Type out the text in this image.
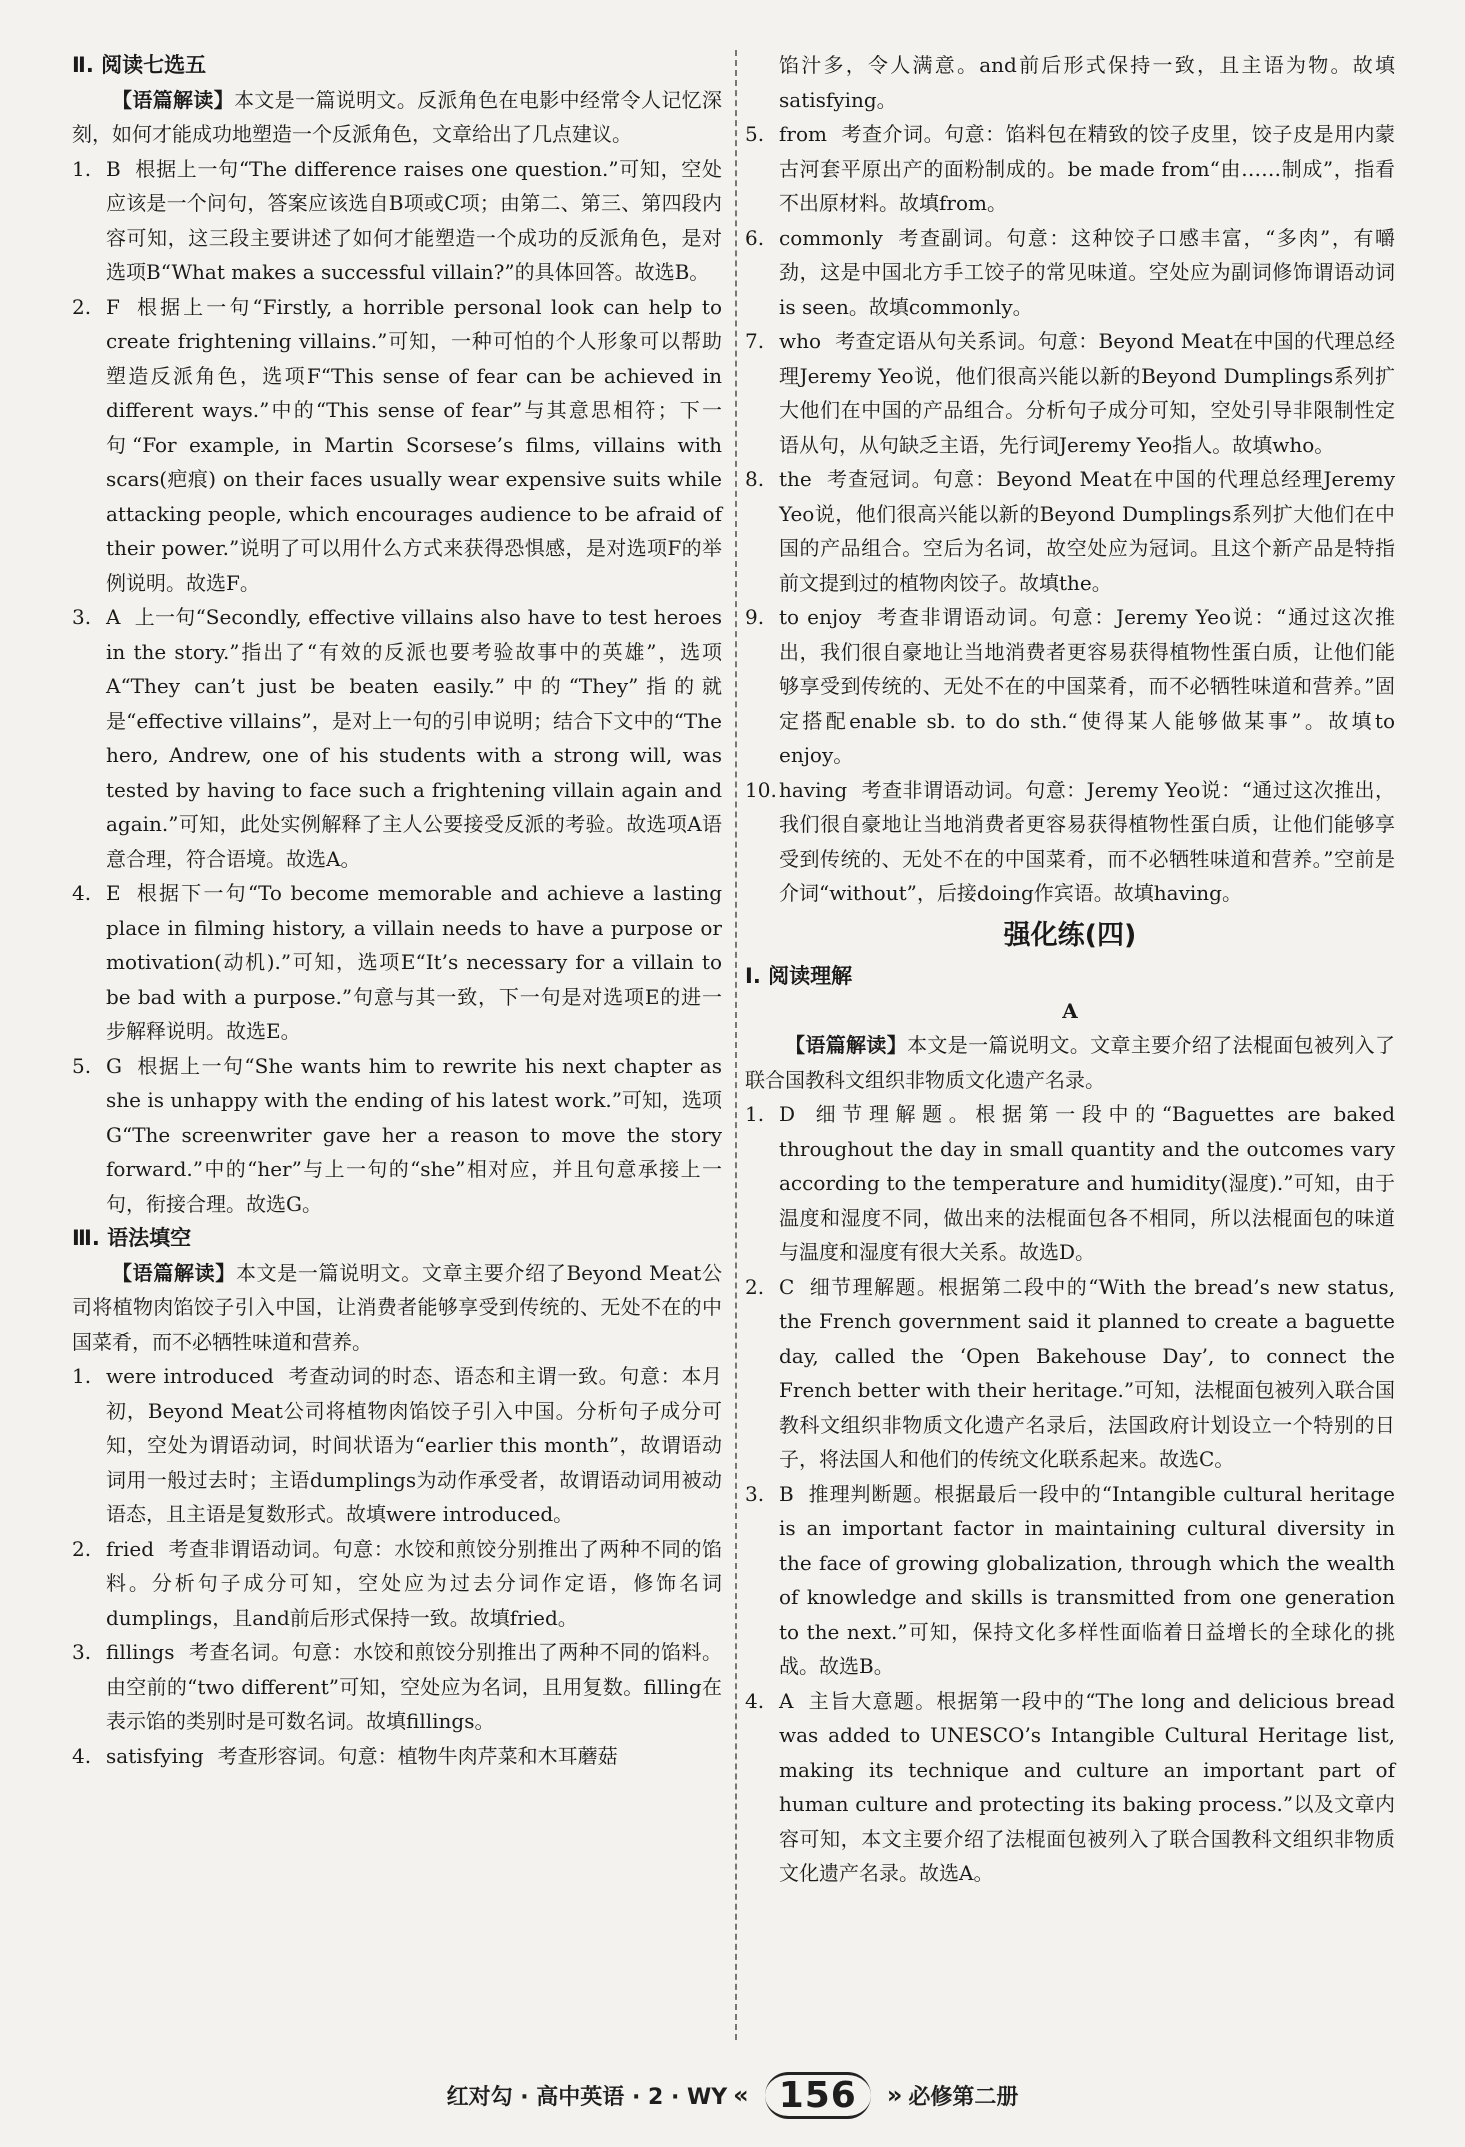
Ⅱ. 阅读七选五

【语篇解读】本文是一篇说明文。反派角色在电影中经常令人记忆深刻，如何才能成功地塑造一个反派角色，文章给出了几点建议。

1. B 根据上一句“The difference raises one question.”可知，空处应该是一个问句，答案应该选自B项或C项；由第二、第三、第四段内容可知，这三段主要讲述了如何才能塑造一个成功的反派角色，是对选项B“What makes a successful villain?”的具体回答。故选B。
2. F 根据上一句“Firstly, a horrible personal look can help to create frightening villains.”可知，一种可怕的个人形象可以帮助塑造反派角色，选项F“This sense of fear can be achieved in different ways.”中的“This sense of fear”与其意思相符；下一句“For example, in Martin Scorsese’s films, villains with scars(疤痕) on their faces usually wear expensive suits while attacking people, which encourages audience to be afraid of their power.”说明了可以用什么方式来获得恐惧感，是对选项F的举例说明。故选F。
3. A 上一句“Secondly, effective villains also have to test heroes in the story.”指出了“有效的反派也要考验故事中的英雄”，选项A“They can’t just be beaten easily.”中的“They”指的就是“effective villains”，是对上一句的引申说明；结合下文中的“The hero, Andrew, one of his students with a strong will, was tested by having to face such a frightening villain again and again.”可知，此处实例解释了主人公要接受反派的考验。故选项A语意合理，符合语境。故选A。
4. E 根据下一句“To become memorable and achieve a lasting place in filming history, a villain needs to have a purpose or motivation(动机).”可知，选项E“It’s necessary for a villain to be bad with a purpose.”句意与其一致，下一句是对选项E的进一步解释说明。故选E。
5. G 根据上一句“She wants him to rewrite his next chapter as she is unhappy with the ending of his latest work.”可知，选项G“The screenwriter gave her a reason to move the story forward.”中的“her”与上一句的“she”相对应，并且句意承接上一句，衔接合理。故选G。

Ⅲ. 语法填空

【语篇解读】本文是一篇说明文。文章主要介绍了Beyond Meat公司将植物肉馅饺子引入中国，让消费者能够享受到传统的、无处不在的中国菜肴，而不必牺牲味道和营养。

1. were introduced 考查动词的时态、语态和主谓一致。句意：本月初，Beyond Meat公司将植物肉馅饺子引入中国。分析句子成分可知，空处为谓语动词，时间状语为“earlier this month”，故谓语动词用一般过去时；主语dumplings为动作承受者，故谓语动词用被动语态，且主语是复数形式。故填were introduced。
2. fried 考查非谓语动词。句意：水饺和煎饺分别推出了两种不同的馅料。分析句子成分可知，空处应为过去分词作定语，修饰名词dumplings，且and前后形式保持一致。故填fried。
3. fillings 考查名词。句意：水饺和煎饺分别推出了两种不同的馅料。由空前的“two different”可知，空处应为名词，且用复数。filling在表示馅的类别时是可数名词。故填fillings。
4. satisfying 考查形容词。句意：植物牛肉芹菜和木耳蘑菇

馅汁多，令人满意。and前后形式保持一致，且主语为物。故填satisfying。

5. from 考查介词。句意：馅料包在精致的饺子皮里，饺子皮是用内蒙古河套平原出产的面粉制成的。be made from“由……制成”，指看不出原材料。故填from。
6. commonly 考查副词。句意：这种饺子口感丰富，“多肉”，有嚼劲，这是中国北方手工饺子的常见味道。空处应为副词修饰谓语动词is seen。故填commonly。
7. who 考查定语从句关系词。句意：Beyond Meat在中国的代理总经理Jeremy Yeo说，他们很高兴能以新的Beyond Dumplings系列扩大他们在中国的产品组合。分析句子成分可知，空处引导非限制性定语从句，从句缺乏主语，先行词Jeremy Yeo指人。故填who。
8. the 考查冠词。句意：Beyond Meat在中国的代理总经理Jeremy Yeo说，他们很高兴能以新的Beyond Dumplings系列扩大他们在中国的产品组合。空后为名词，故空处应为冠词。且这个新产品是特指前文提到过的植物肉饺子。故填the。
9. to enjoy 考查非谓语动词。句意：Jeremy Yeo说：“通过这次推出，我们很自豪地让当地消费者更容易获得植物性蛋白质，让他们能够享受到传统的、无处不在的中国菜肴，而不必牺牲味道和营养。”固定搭配enable sb. to do sth.“使得某人能够做某事”。故填to enjoy。
10. having 考查非谓语动词。句意：Jeremy Yeo说：“通过这次推出，我们很自豪地让当地消费者更容易获得植物性蛋白质，让他们能够享受到传统的、无处不在的中国菜肴，而不必牺牲味道和营养。”空前是介词“without”，后接doing作宾语。故填having。

强化练(四)

Ⅰ. 阅读理解

A

【语篇解读】本文是一篇说明文。文章主要介绍了法棍面包被列入了联合国教科文组织非物质文化遗产名录。

1. D 细节理解题。根据第一段中的“Baguettes are baked throughout the day in small quantity and the outcomes vary according to the temperature and humidity(湿度).”可知，由于温度和湿度不同，做出来的法棍面包各不相同，所以法棍面包的味道与温度和湿度有很大关系。故选D。
2. C 细节理解题。根据第二段中的“With the bread’s new status, the French government said it planned to create a baguette day, called the ‘Open Bakehouse Day’, to connect the French better with their heritage.”可知，法棍面包被列入联合国教科文组织非物质文化遗产名录后，法国政府计划设立一个特别的日子，将法国人和他们的传统文化联系起来。故选C。
3. B 推理判断题。根据最后一段中的“Intangible cultural heritage is an important factor in maintaining cultural diversity in the face of growing globalization, through which the wealth of knowledge and skills is transmitted from one generation to the next.”可知，保持文化多样性面临着日益增长的全球化的挑战。故选B。
4. A 主旨大意题。根据第一段中的“The long and delicious bread was added to UNESCO’s Intangible Cultural Heritage list, making its technique and culture an important part of human culture and protecting its baking process.”以及文章内容可知，本文主要介绍了法棍面包被列入了联合国教科文组织非物质文化遗产名录。故选A。
红对勾 · 高中英语 · 2 · WY « 156	» 必修第二册
